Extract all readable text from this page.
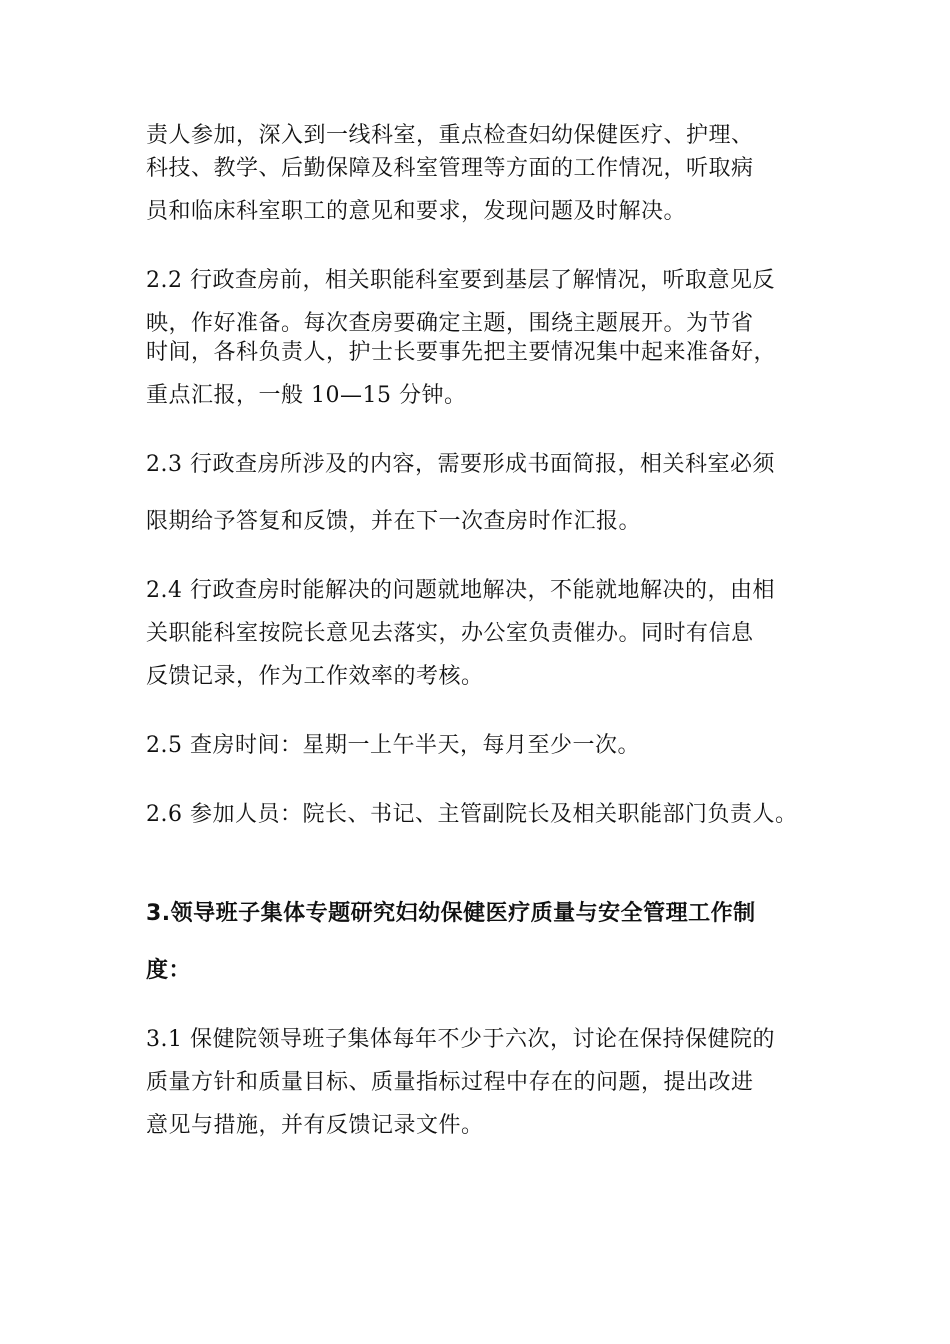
责人参加，深入到一线科室，重点检查妇幼保健医疗、护理、
科技、教学、后勤保障及科室管理等方面的工作情况，听取病
员和临床科室职工的意见和要求，发现问题及时解决。
2.2 行政查房前，相关职能科室要到基层了解情况，听取意见反
映，作好准备。每次查房要确定主题，围绕主题展开。为节省
时间，各科负责人，护士长要事先把主要情况集中起来准备好，
重点汇报，一般 10—15 分钟。
2.3 行政查房所涉及的内容，需要形成书面简报，相关科室必须
限期给予答复和反馈，并在下一次查房时作汇报。
2.4 行政查房时能解决的问题就地解决，不能就地解决的，由相
关职能科室按院长意见去落实，办公室负责催办。同时有信息
反馈记录，作为工作效率的考核。
2.5 查房时间：星期一上午半天，每月至少一次。
2.6 参加人员：院长、书记、主管副院长及相关职能部门负责人。
3.领导班子集体专题研究妇幼保健医疗质量与安全管理工作制
度：
3.1 保健院领导班子集体每年不少于六次，讨论在保持保健院的
质量方针和质量目标、质量指标过程中存在的问题，提出改进
意见与措施，并有反馈记录文件。
